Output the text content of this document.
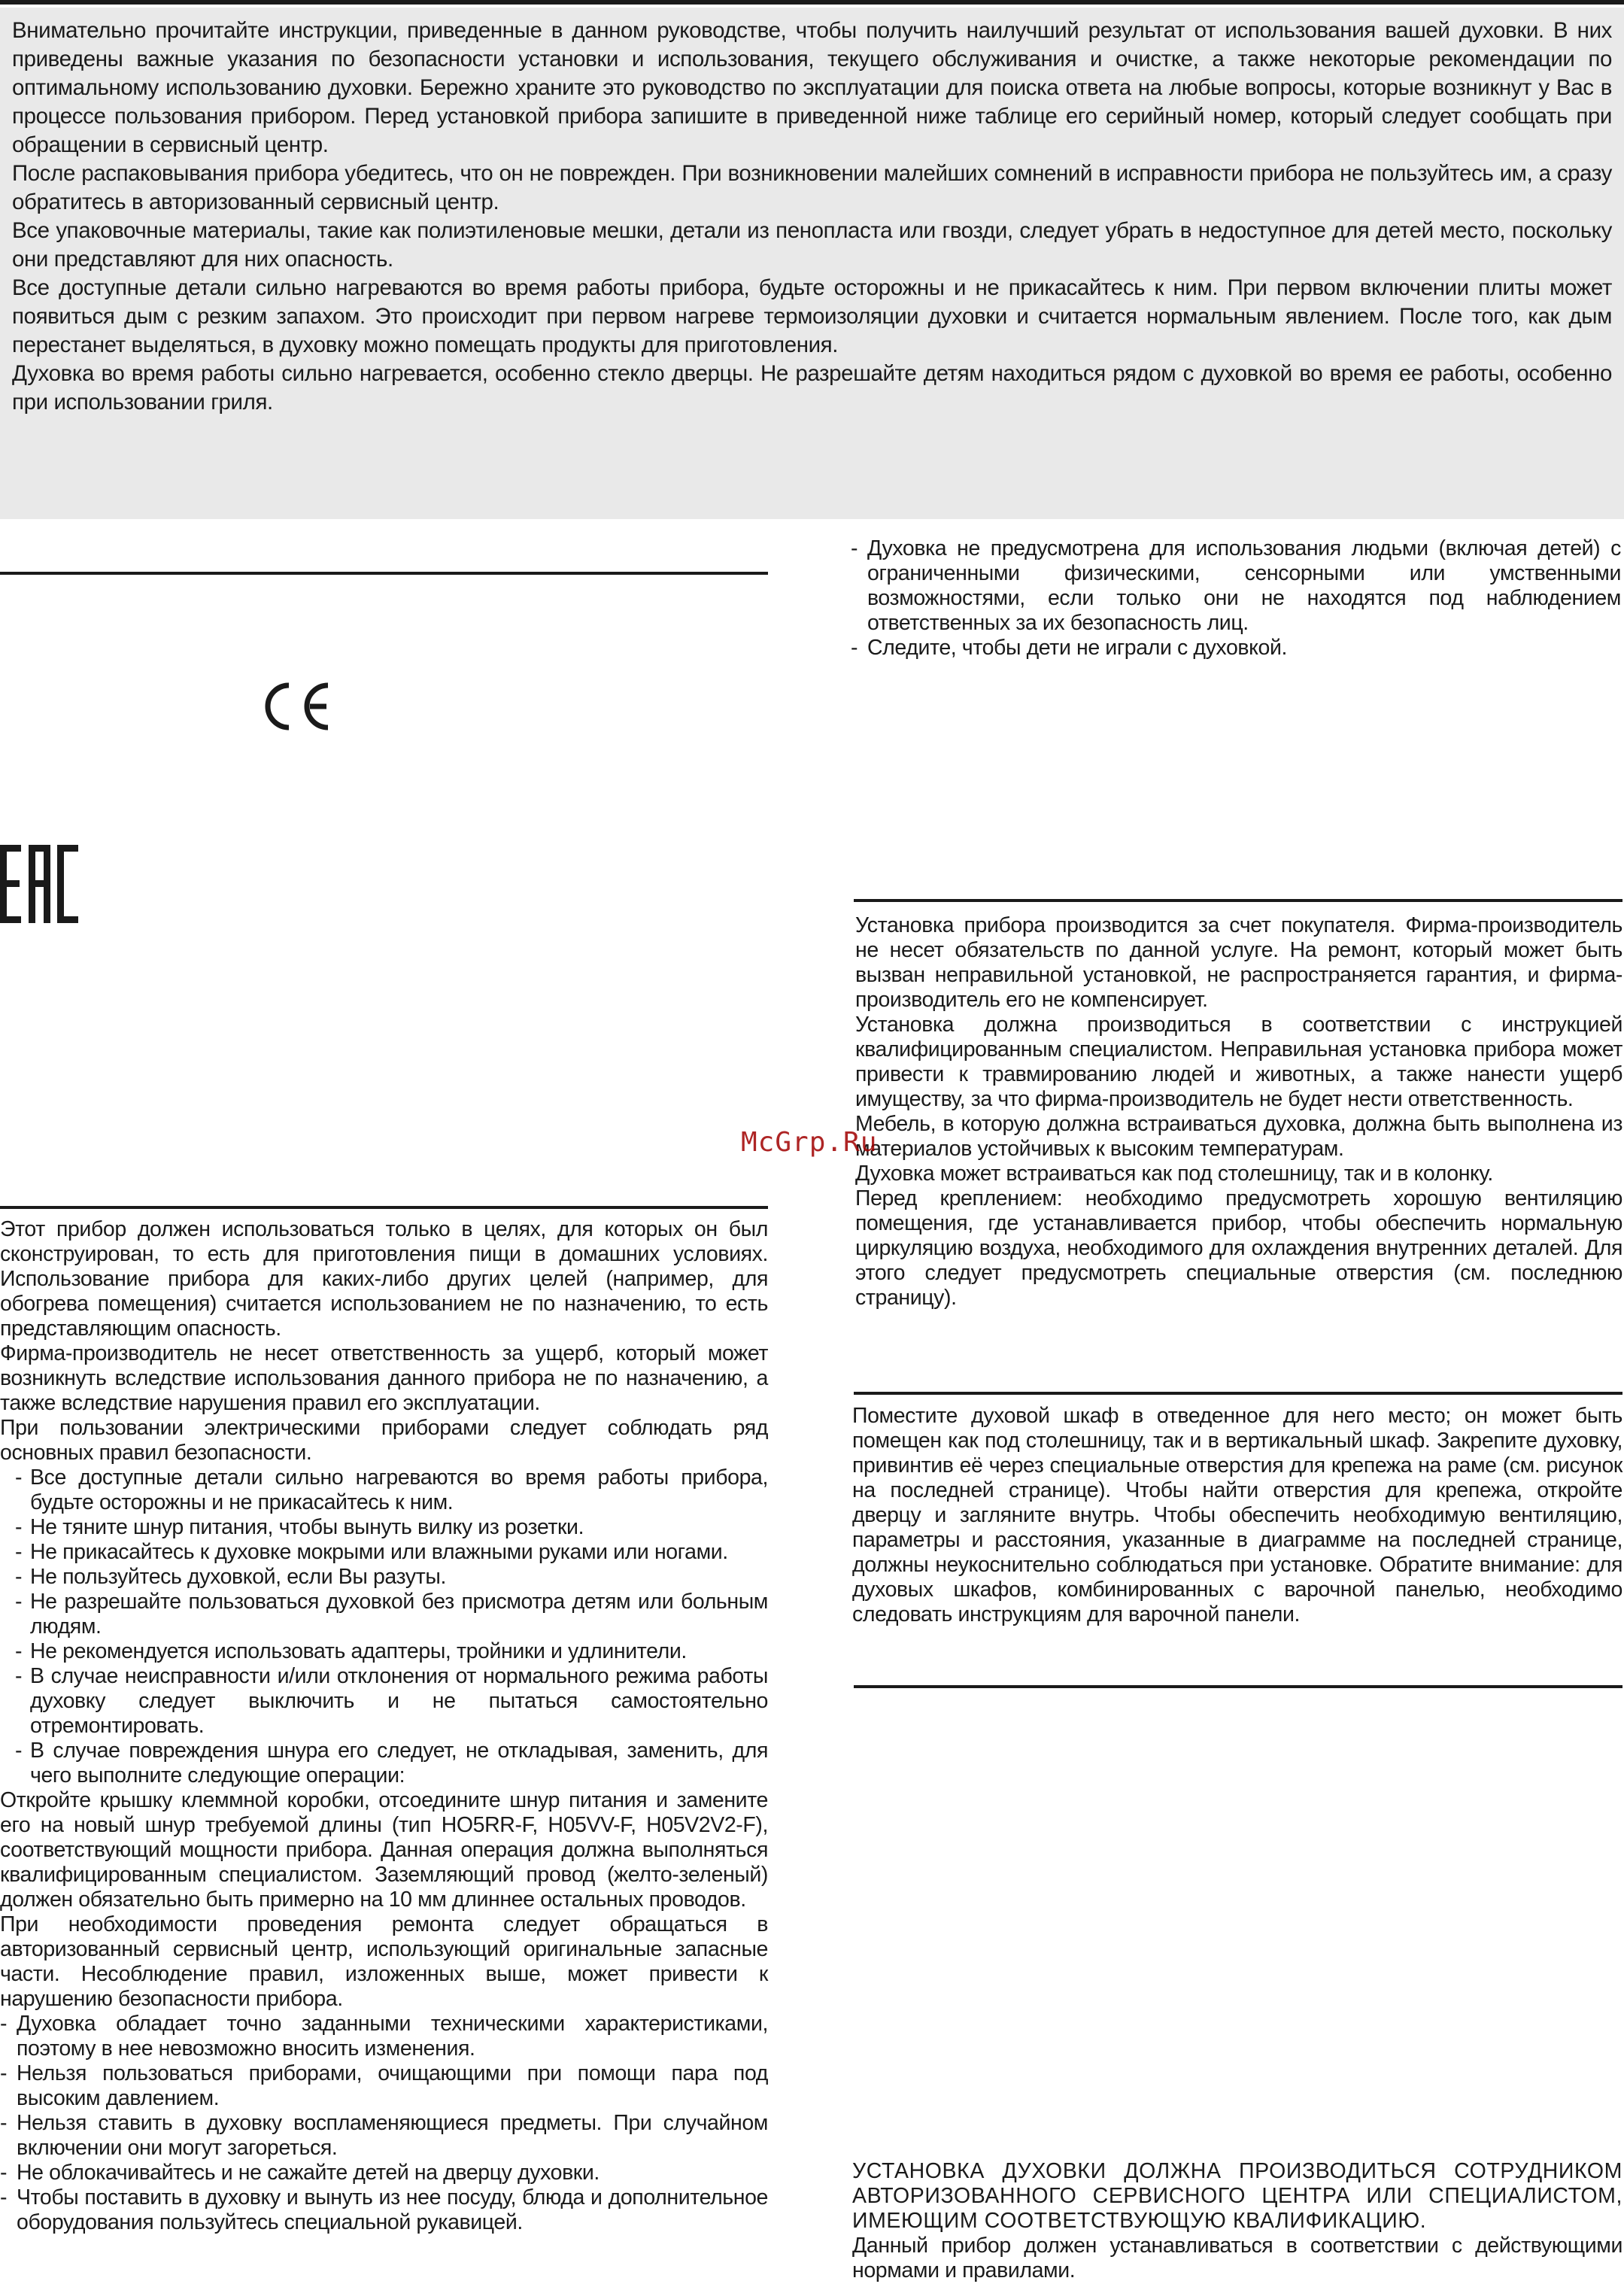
Внимательно прочитайте инструкции, приведенные в данном руководстве, чтобы получить наилучший результат от использования вашей духовки. В них приведены важные указания по безопасности установки и использования, текущего обслуживания и очистке, а также некоторые рекомендации по оптимальному использованию духовки. Бережно храните это руководство по эксплуатации для поиска ответа на любые вопросы, которые возникнут у Вас в процессе пользования прибором. Перед установкой прибора запишите в приведенной ниже таблице его серийный номер, который следует сообщать при обращении в сервисный центр.

После распаковывания прибора убедитесь, что он не поврежден. При возникновении малейших сомнений в исправности прибора не пользуйтесь им, а сразу обратитесь в авторизованный сервисный центр.

Все упаковочные материалы, такие как полиэтиленовые мешки, детали из пенопласта или гвозди, следует убрать в недоступное для детей место, поскольку они представляют для них опасность.

Все доступные детали сильно нагреваются во время работы прибора, будьте осторожны и не прикасайтесь к ним. При первом включении плиты может появиться дым с резким запахом. Это происходит при первом нагреве термоизоляции духовки и считается нормальным явлением. После того, как дым перестанет выделяться, в духовку можно помещать продукты для приготовления.

Духовка во время работы сильно нагревается, особенно стекло дверцы. Не разрешайте детям находиться рядом с духовкой во время ее работы, особенно при использовании гриля.

- Духовка не предусмотрена для использования людьми (включая детей) с ограниченными физическими, сенсорными или умственными возможностями, если только они не находятся под наблюдением ответственных за их безопасность лиц.
- Следите, чтобы дети не играли с духовкой.

Установка прибора производится за счет покупателя. Фирма-производитель не несет обязательств по данной услуге. На ремонт, который может быть вызван неправильной установкой, не распространяется гарантия, и фирма-производитель его не компенсирует.

Установка должна производиться в соответствии с инструкцией квалифицированным специалистом. Неправильная установка прибора может привести к травмированию людей и животных, а также нанести ущерб имуществу, за что фирма-производитель не будет нести ответственность.

Мебель, в которую должна встраиваться духовка, должна быть выполнена из материалов устойчивых к высоким температурам.

Духовка может встраиваться как под столешницу, так и в колонку.

Перед креплением: необходимо предусмотреть хорошую вентиляцию помещения, где устанавливается прибор, чтобы обеспечить нормальную циркуляцию воздуха, необходимого для охлаждения внутренних деталей. Для этого следует предусмотреть специальные отверстия (см. последнюю страницу).

Поместите духовой шкаф в отведенное для него место; он может быть помещен как под столешницу, так и в вертикальный шкаф. Закрепите духовку, привинтив её через специальные отверстия для крепежа на раме (см. рисунок на последней странице). Чтобы найти отверстия для крепежа, откройте дверцу и загляните внутрь. Чтобы обеспечить необходимую вентиляцию, параметры и расстояния, указанные в диаграмме на последней странице, должны неукоснительно соблюдаться при установке. Обратите внимание: для духовых шкафов, комбинированных с варочной панелью, необходимо следовать инструкциям для варочной панели.

УСТАНОВКА ДУХОВКИ ДОЛЖНА ПРОИЗВОДИТЬСЯ СОТРУДНИКОМ АВТОРИЗОВАННОГО СЕРВИСНОГО ЦЕНТРА ИЛИ СПЕЦИАЛИСТОМ, ИМЕЮЩИМ СООТВЕТСТВУЮЩУЮ КВАЛИФИКАЦИЮ.

Данный прибор должен устанавливаться в соответствии с действующими нормами и правилами.

Этот прибор должен использоваться только в целях, для которых он был сконструирован, то есть для приготовления пищи в домашних условиях. Использование прибора для каких-либо других целей (например, для обогрева помещения) считается использованием не по назначению, то есть представляющим опасность.

Фирма-производитель не несет ответственность за ущерб, который может возникнуть вследствие использования данного прибора не по назначению, а также вследствие нарушения правил его эксплуатации.

При пользовании электрическими приборами следует соблюдать ряд основных правил безопасности.

- Все доступные детали сильно нагреваются во время работы прибора, будьте осторожны и не прикасайтесь к ним.
- Не тяните шнур питания, чтобы вынуть вилку из розетки.
- Не прикасайтесь к духовке мокрыми или влажными руками или ногами.
- Не пользуйтесь духовкой, если Вы разуты.
- Не разрешайте пользоваться духовкой без присмотра детям или больным людям.
- Не рекомендуется использовать адаптеры, тройники и удлинители.
- В случае неисправности и/или отклонения от нормального режима работы духовку следует выключить и не пытаться самостоятельно отремонтировать.
- В случае повреждения шнура его следует, не откладывая, заменить, для чего выполните следующие операции:

Откройте крышку клеммной коробки, отсоедините шнур питания и замените его на новый шнур требуемой длины (тип HO5RR-F, H05VV-F, H05V2V2-F), соответствующий мощности прибора. Данная операция должна выполняться квалифицированным специалистом. Заземляющий провод (желто-зеленый) должен обязательно быть примерно на 10 мм длиннее остальных проводов.

При необходимости проведения ремонта следует обращаться в авторизованный сервисный центр, использующий оригинальные запасные части. Несоблюдение правил, изложенных выше, может привести к нарушению безопасности прибора.

- Духовка обладает точно заданными техническими характеристиками, поэтому в нее невозможно вносить изменения.
- Нельзя пользоваться приборами, очищающими при помощи пара под высоким давлением.
- Нельзя ставить в духовку воспламеняющиеся предметы. При случайном включении они могут загореться.
- Не облокачивайтесь и не сажайте детей на дверцу духовки.
- Чтобы поставить в духовку и вынуть из нее посуду, блюда и дополнительное оборудования пользуйтесь специальной рукавицей.
McGrp.Ru
